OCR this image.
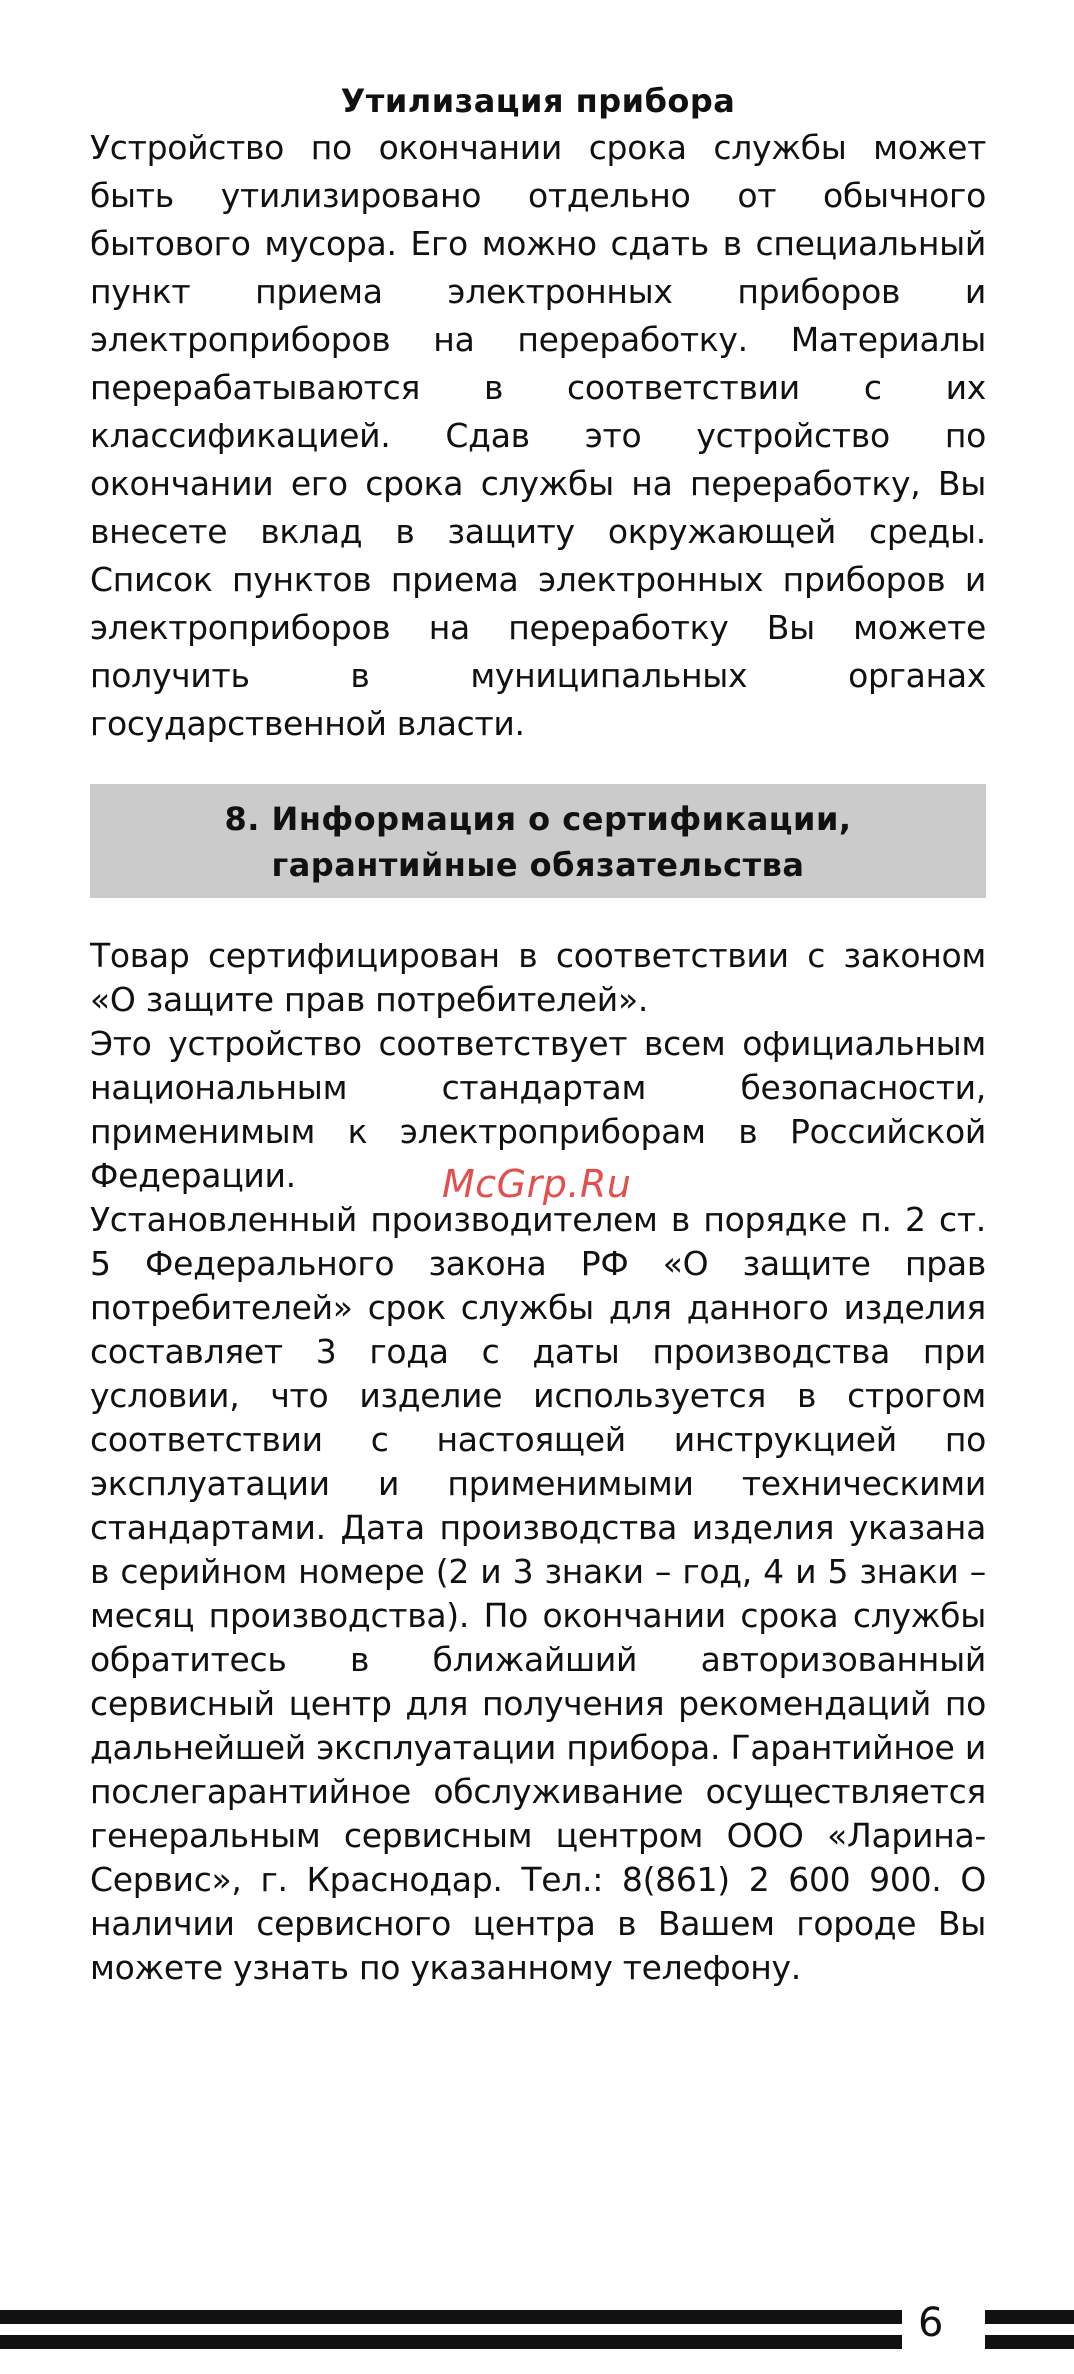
Утилизация прибора

Устройство по окончании срока службы может быть утилизировано отдельно от обычного бытового мусора. Его можно сдать в специальный пункт приема электронных приборов и электроприборов на переработку. Материалы перерабатываются в соответствии с их классификацией. Сдав это устройство по окончании его срока службы на переработку, Вы внесете вклад в защиту окружающей среды. Список пунктов приема электронных приборов и электроприборов на переработку Вы можете получить в муниципальных органах государственной власти.

8. Информация о сертификации, гарантийные обязательства

Товар сертифицирован в соответствии с законом «О защите прав потребителей».

Это устройство соответствует всем официальным национальным стандартам безопасности, применимым к электроприборам в Российской Федерации.

Установленный производителем в порядке п. 2 ст. 5 Федерального закона РФ «О защите прав потребителей» срок службы для данного изделия составляет 3 года с даты производства при условии, что изделие используется в строгом соответствии с настоящей инструкцией по эксплуатации и применимыми техническими стандартами. Дата производства изделия указана в серийном номере (2 и 3 знаки – год, 4 и 5 знаки – месяц производства). По окончании срока службы обратитесь в ближайший авторизованный сервисный центр для получения рекомендаций по дальнейшей эксплуатации прибора. Гарантийное и послегарантийное обслуживание осуществляется генеральным сервисным центром ООО «Ларина-Сервис», г. Краснодар. Тел.: 8(861) 2 600 900. О наличии сервисного центра в Вашем городе Вы можете узнать по указанному телефону.

McGrp.Ru
6
